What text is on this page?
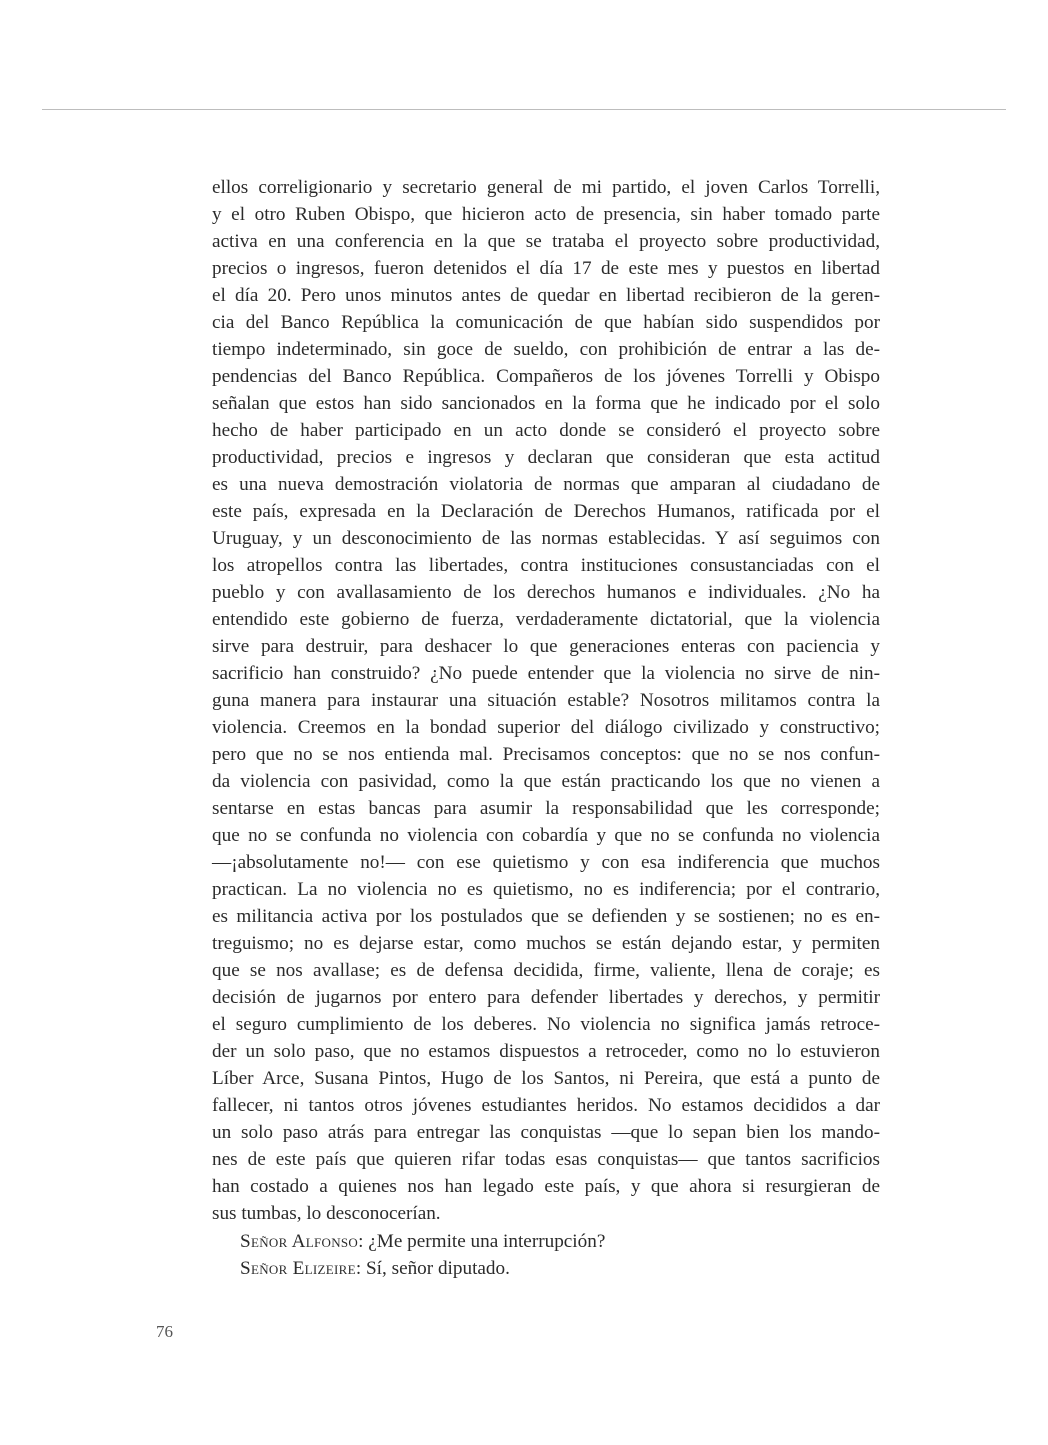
ellos correligionario y secretario general de mi partido, el joven Carlos Torrelli,
y el otro Ruben Obispo, que hicieron acto de presencia, sin haber tomado parte
activa en una conferencia en la que se trataba el proyecto sobre productividad,
precios o ingresos, fueron detenidos el día 17 de este mes y puestos en libertad
el día 20. Pero unos minutos antes de quedar en libertad recibieron de la geren-
cia del Banco República la comunicación de que habían sido suspendidos por
tiempo indeterminado, sin goce de sueldo, con prohibición de entrar a las de-
pendencias del Banco República. Compañeros de los jóvenes Torrelli y Obispo
señalan que estos han sido sancionados en la forma que he indicado por el solo
hecho de haber participado en un acto donde se consideró el proyecto sobre
productividad, precios e ingresos y declaran que consideran que esta actitud
es una nueva demostración violatoria de normas que amparan al ciudadano de
este país, expresada en la Declaración de Derechos Humanos, ratificada por el
Uruguay, y un desconocimiento de las normas establecidas. Y así seguimos con
los atropellos contra las libertades, contra instituciones consustanciadas con el
pueblo y con avallasamiento de los derechos humanos e individuales. ¿No ha
entendido este gobierno de fuerza, verdaderamente dictatorial, que la violencia
sirve para destruir, para deshacer lo que generaciones enteras con paciencia y
sacrificio han construido? ¿No puede entender que la violencia no sirve de nin-
guna manera para instaurar una situación estable? Nosotros militamos contra la
violencia. Creemos en la bondad superior del diálogo civilizado y constructivo;
pero que no se nos entienda mal. Precisamos conceptos: que no se nos confun-
da violencia con pasividad, como la que están practicando los que no vienen a
sentarse en estas bancas para asumir la responsabilidad que les corresponde;
que no se confunda no violencia con cobardía y que no se confunda no violencia
—¡absolutamente no!— con ese quietismo y con esa indiferencia que muchos
practican. La no violencia no es quietismo, no es indiferencia; por el contrario,
es militancia activa por los postulados que se defienden y se sostienen; no es en-
treguismo; no es dejarse estar, como muchos se están dejando estar, y permiten
que se nos avallase; es de defensa decidida, firme, valiente, llena de coraje; es
decisión de jugarnos por entero para defender libertades y derechos, y permitir
el seguro cumplimiento de los deberes. No violencia no significa jamás retroce-
der un solo paso, que no estamos dispuestos a retroceder, como no lo estuvieron
Líber Arce, Susana Pintos, Hugo de los Santos, ni Pereira, que está a punto de
fallecer, ni tantos otros jóvenes estudiantes heridos. No estamos decididos a dar
un solo paso atrás para entregar las conquistas —que lo sepan bien los mando-
nes de este país que quieren rifar todas esas conquistas— que tantos sacrificios
han costado a quienes nos han legado este país, y que ahora si resurgieran de
sus tumbas, lo desconocerían.
Señor Alfonso: ¿Me permite una interrupción?
Señor Elizeire: Sí, señor diputado.
76
